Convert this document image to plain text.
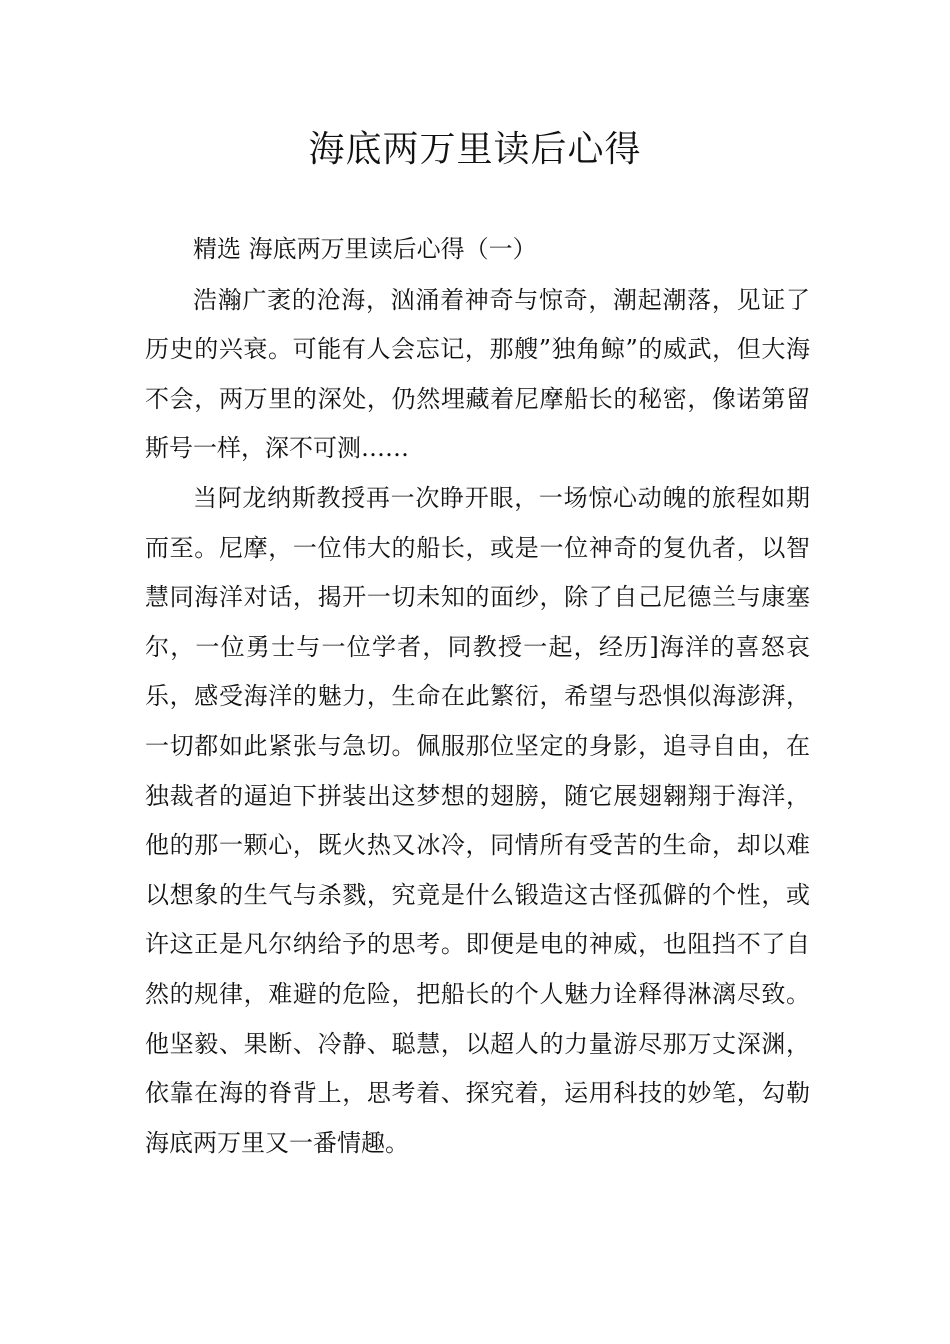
海底两万里读后心得

精选 海底两万里读后心得（一）

浩瀚广袤的沧海，汹涌着神奇与惊奇，潮起潮落，见证了历史的兴衰。可能有人会忘记，那艘”独角鲸”的威武，但大海不会，两万里的深处，仍然埋藏着尼摩船长的秘密，像诺第留斯号一样，深不可测……

当阿龙纳斯教授再一次睁开眼，一场惊心动魄的旅程如期而至。尼摩，一位伟大的船长，或是一位神奇的复仇者，以智慧同海洋对话，揭开一切未知的面纱，除了自己尼德兰与康塞尔，一位勇士与一位学者，同教授一起，经历]海洋的喜怒哀乐，感受海洋的魅力，生命在此繁衍，希望与恐惧似海澎湃，一切都如此紧张与急切。佩服那位坚定的身影，追寻自由，在独裁者的逼迫下拼装出这梦想的翅膀，随它展翅翱翔于海洋，他的那一颗心，既火热又冰冷，同情所有受苦的生命，却以难以想象的生气与杀戮，究竟是什么锻造这古怪孤僻的个性，或许这正是凡尔纳给予的思考。即便是电的神威，也阻挡不了自然的规律，难避的危险，把船长的个人魅力诠释得淋漓尽致。他坚毅、果断、冷静、聪慧，以超人的力量游尽那万丈深渊，依靠在海的脊背上，思考着、探究着，运用科技的妙笔，勾勒海底两万里又一番情趣。
